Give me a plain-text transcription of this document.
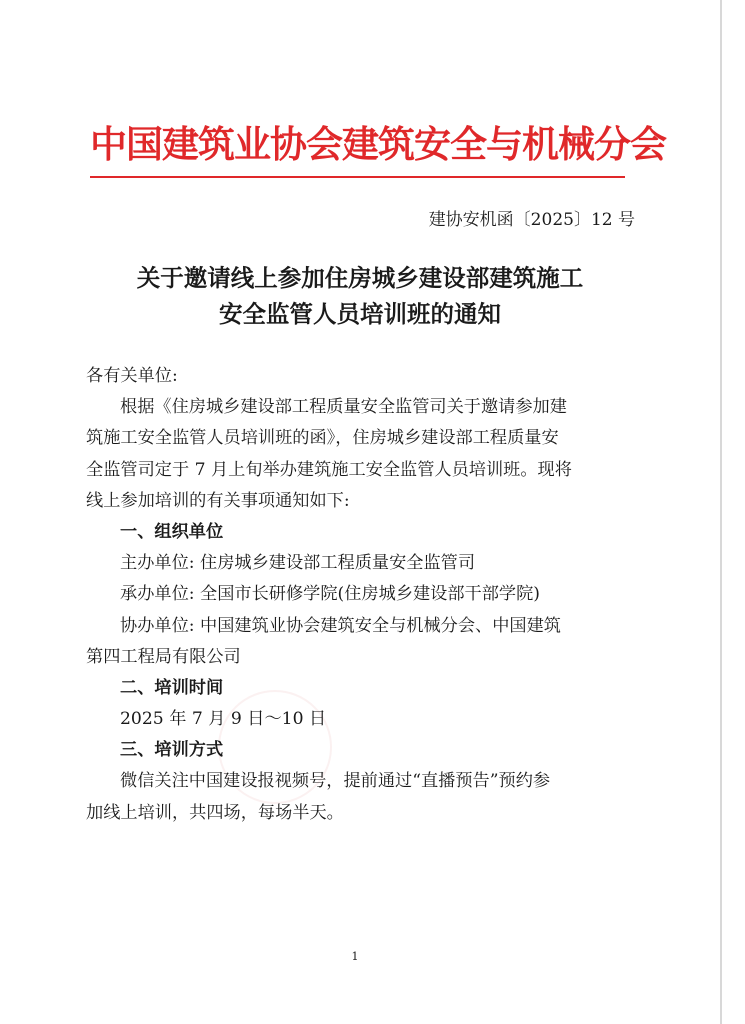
中国建筑业协会建筑安全与机械分会
建协安机函〔2025〕12 号
关于邀请线上参加住房城乡建设部建筑施工
安全监管人员培训班的通知
各有关单位:
根据《住房城乡建设部工程质量安全监管司关于邀请参加建
筑施工安全监管人员培训班的函》，住房城乡建设部工程质量安
全监管司定于 7 月上旬举办建筑施工安全监管人员培训班。现将
线上参加培训的有关事项通知如下:
一、组织单位
主办单位: 住房城乡建设部工程质量安全监管司
承办单位: 全国市长研修学院(住房城乡建设部干部学院)
协办单位: 中国建筑业协会建筑安全与机械分会、中国建筑
第四工程局有限公司
二、培训时间
2025 年 7 月 9 日～10 日
三、培训方式
微信关注中国建设报视频号，提前通过“直播预告”预约参
加线上培训，共四场，每场半天。
1
